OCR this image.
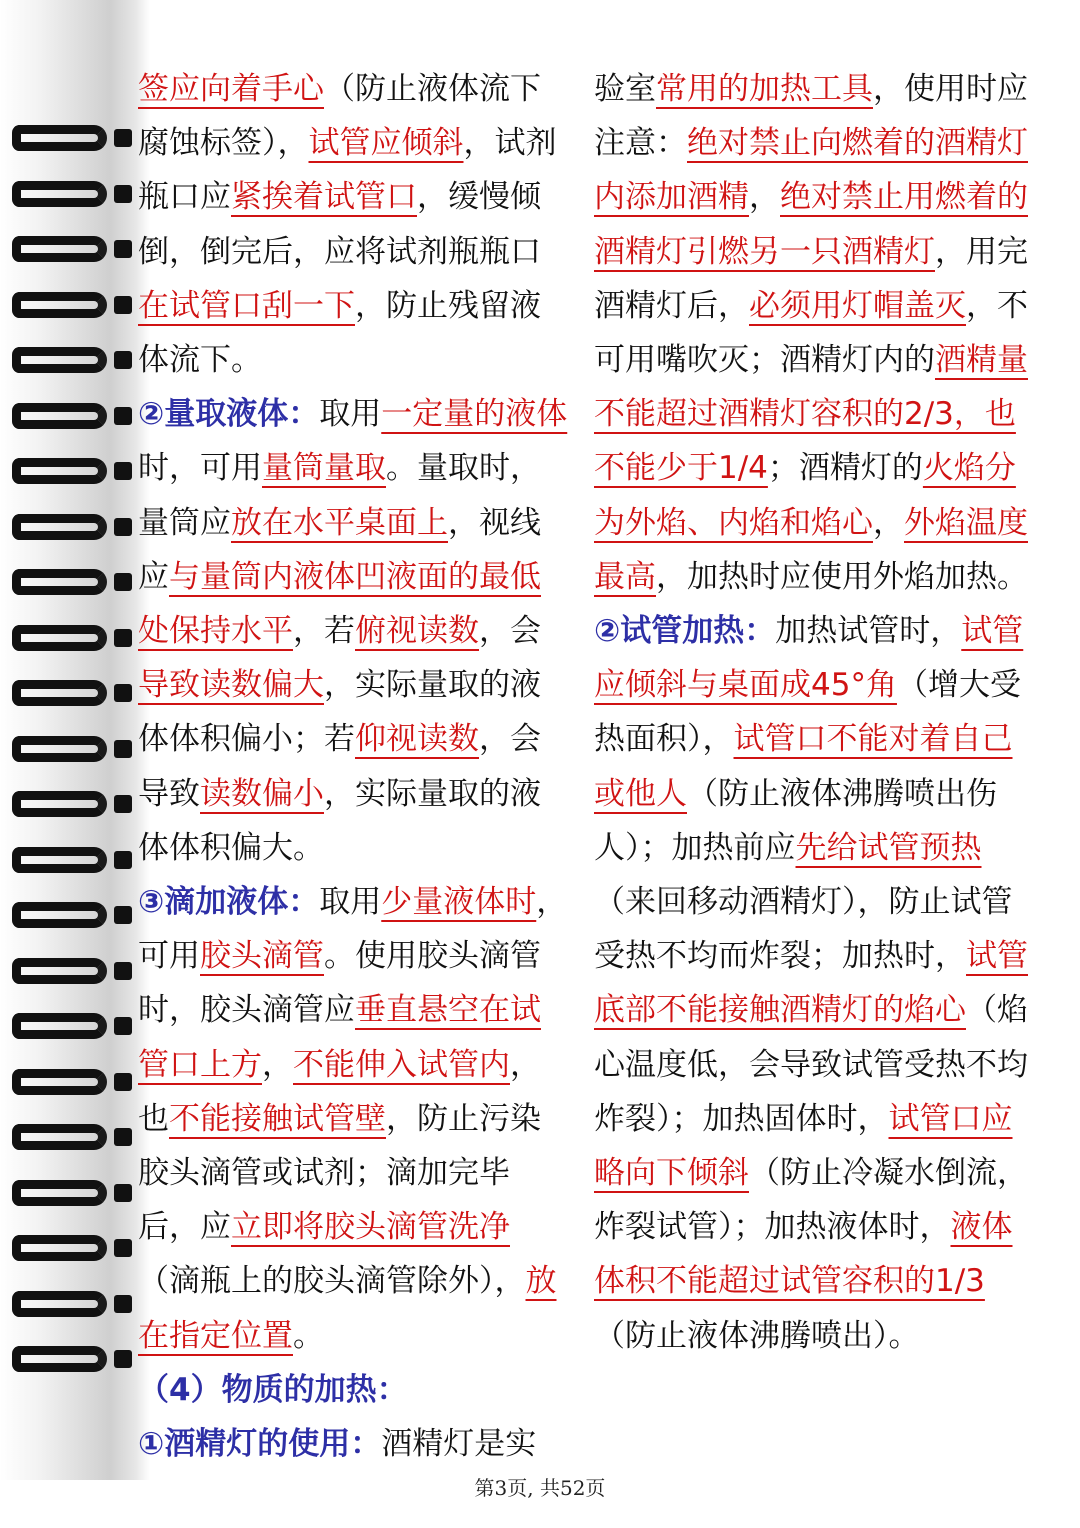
签应向着手心（防止液体流下腐蚀标签），试管应倾斜，试剂瓶口应紧挨着试管口，缓慢倾倒，倒完后，应将试剂瓶瓶口在试管口刮一下，防止残留液体流下。
②量取液体：取用一定量的液体时，可用量筒量取。量取时，量筒应放在水平桌面上，视线应与量筒内液体凹液面的最低处保持水平，若俯视读数，会导致读数偏大，实际量取的液体体积偏小；若仰视读数，会导致读数偏小，实际量取的液体体积偏大。
③滴加液体：取用少量液体时，可用胶头滴管。使用胶头滴管时，胶头滴管应垂直悬空在试管口上方，不能伸入试管内，也不能接触试管壁，防止污染胶头滴管或试剂；滴加完毕后，应立即将胶头滴管洗净（滴瓶上的胶头滴管除外），放在指定位置。
（4）物质的加热：
①酒精灯的使用：酒精灯是实
验室常用的加热工具，使用时应注意：绝对禁止向燃着的酒精灯内添加酒精，绝对禁止用燃着的酒精灯引燃另一只酒精灯，用完酒精灯后，必须用灯帽盖灭，不可用嘴吹灭；酒精灯内的酒精量不能超过酒精灯容积的2/3，也不能少于1/4；酒精灯的火焰分为外焰、内焰和焰心，外焰温度最高，加热时应使用外焰加热。
②试管加热：加热试管时，试管应倾斜与桌面成45°角（增大受热面积），试管口不能对着自己或他人（防止液体沸腾喷出伤人）；加热前应先给试管预热（来回移动酒精灯），防止试管受热不均而炸裂；加热时，试管底部不能接触酒精灯的焰心（焰心温度低，会导致试管受热不均炸裂）；加热固体时，试管口应略向下倾斜（防止冷凝水倒流，炸裂试管）；加热液体时，液体体积不能超过试管容积的1/3（防止液体沸腾喷出）。
第3页, 共52页
